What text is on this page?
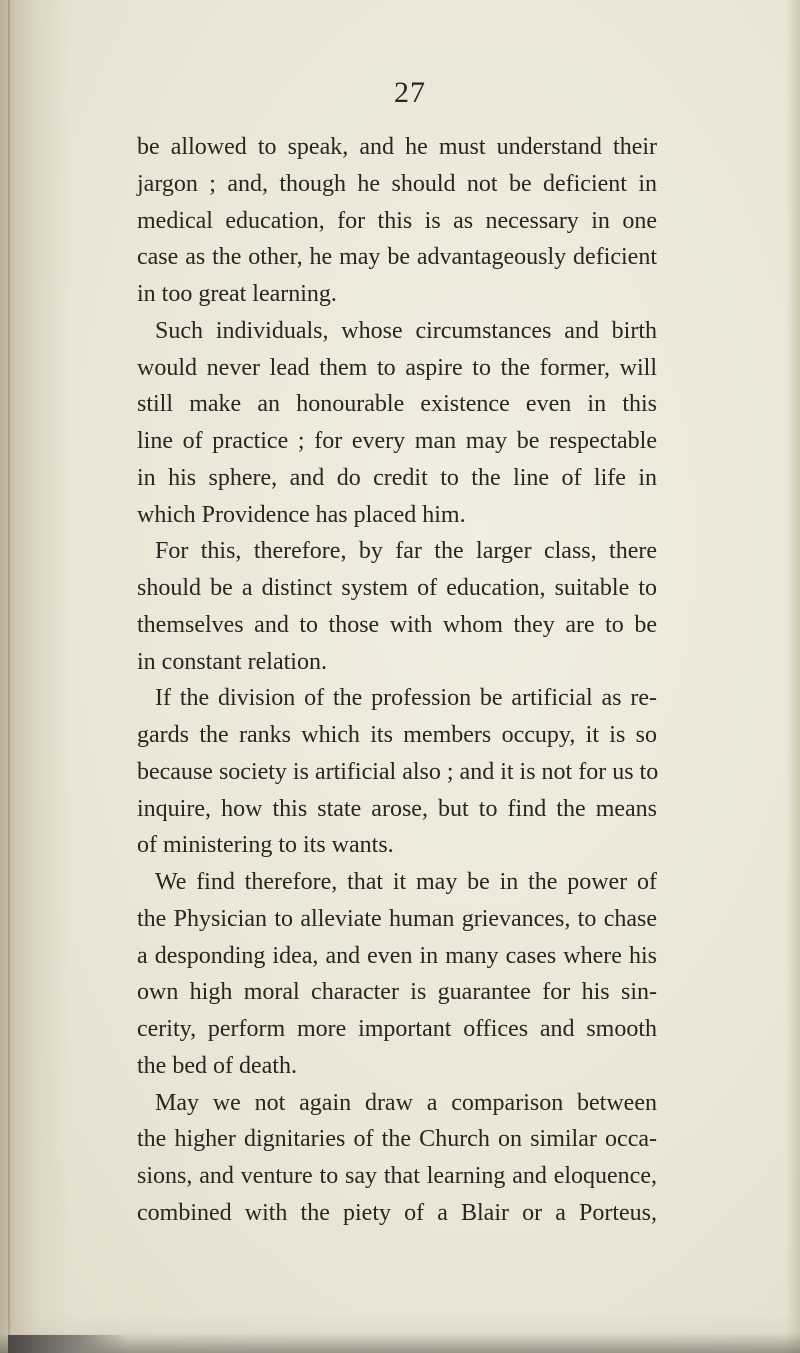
27
be allowed to speak, and he must understand their
jargon ; and, though he should not be deficient in
medical education, for this is as necessary in one
case as the other, he may be advantageously deficient
in too great learning.
Such individuals, whose circumstances and birth
would never lead them to aspire to the former, will
still make an honourable existence even in this
line of practice ; for every man may be respectable
in his sphere, and do credit to the line of life in
which Providence has placed him.
For this, therefore, by far the larger class, there
should be a distinct system of education, suitable to
themselves and to those with whom they are to be
in constant relation.
If the division of the profession be artificial as re-
gards the ranks which its members occupy, it is so
because society is artificial also ; and it is not for us to
inquire, how this state arose, but to find the means
of ministering to its wants.
We find therefore, that it may be in the power of
the Physician to alleviate human grievances, to chase
a desponding idea, and even in many cases where his
own high moral character is guarantee for his sin-
cerity, perform more important offices and smooth
the bed of death.
May we not again draw a comparison between
the higher dignitaries of the Church on similar occa-
sions, and venture to say that learning and eloquence,
combined with the piety of a Blair or a Porteus,
